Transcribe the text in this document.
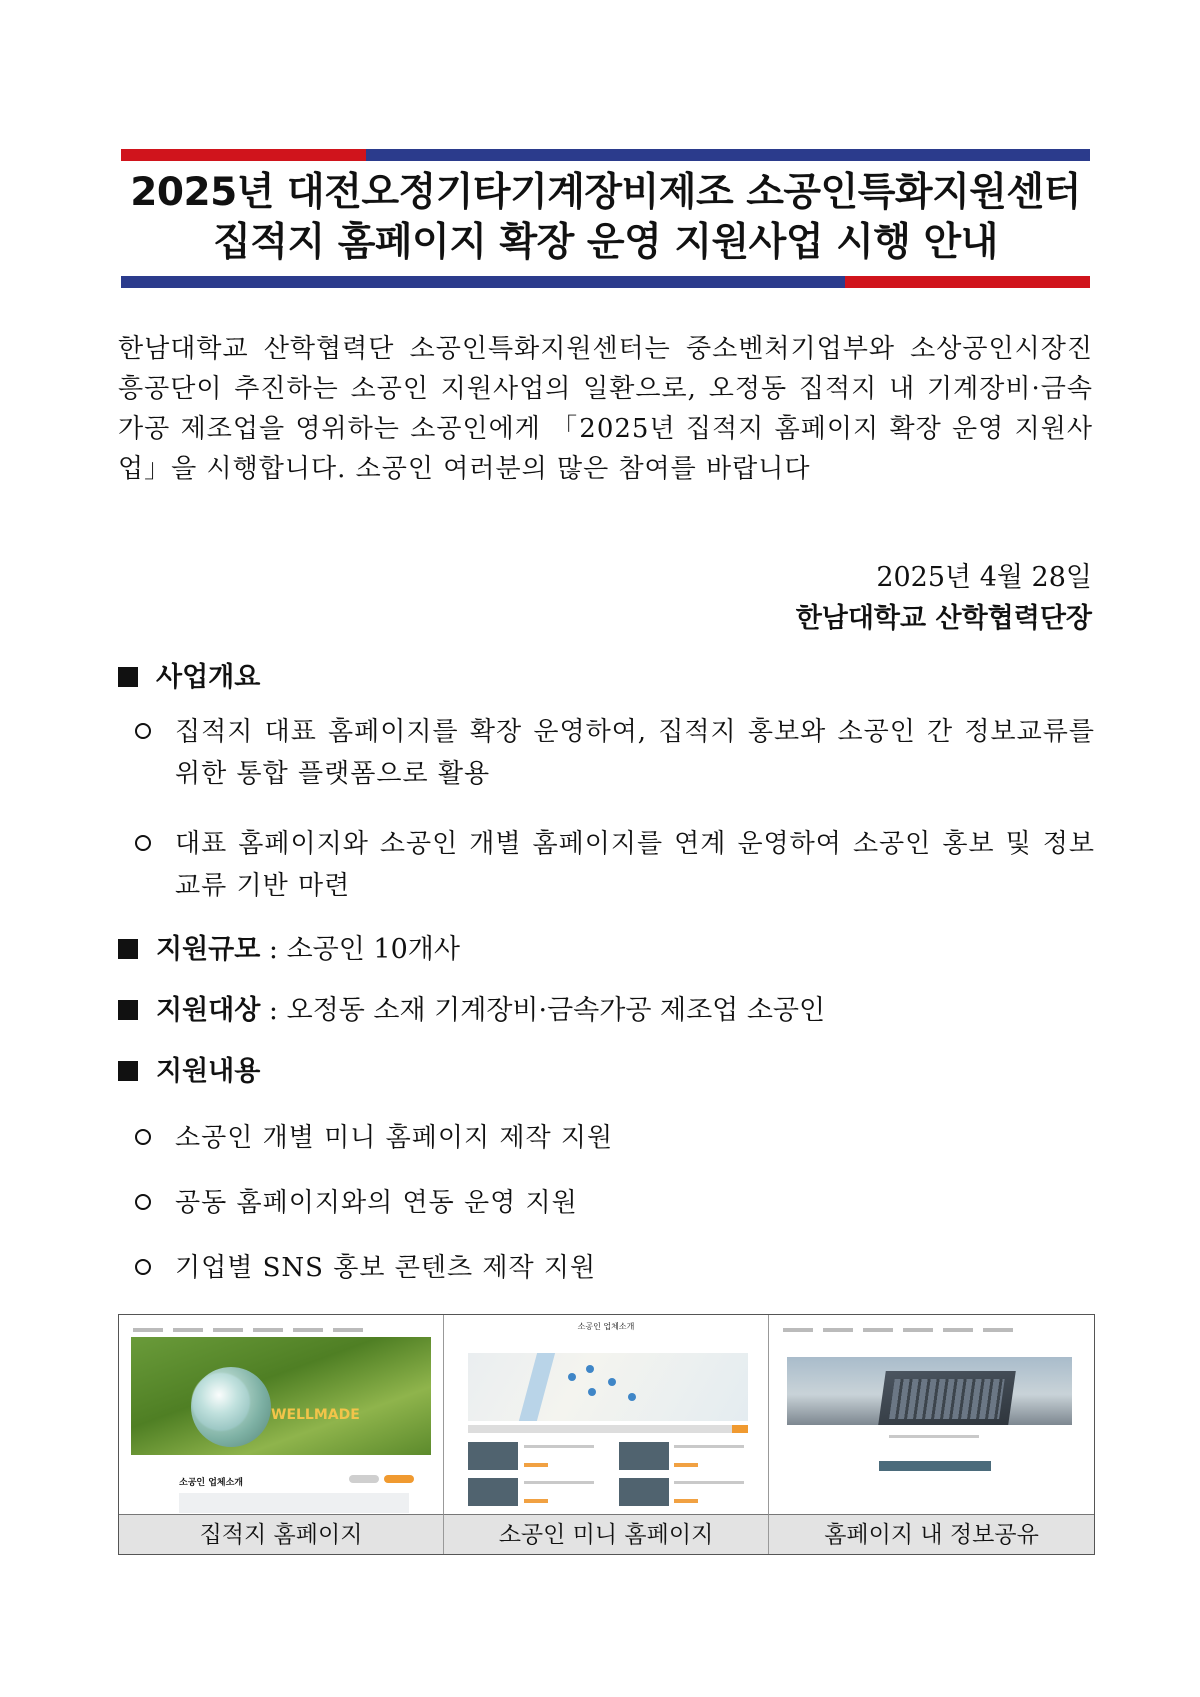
2025년 대전오정기타기계장비제조 소공인특화지원센터
집적지 홈페이지 확장 운영 지원사업 시행 안내
한남대학교 산학협력단 소공인특화지원센터는 중소벤처기업부와 소상공인시장진흥공단이 추진하는 소공인 지원사업의 일환으로, 오정동 집적지 내 기계장비·금속가공 제조업을 영위하는 소공인에게 「2025년 집적지 홈페이지 확장 운영 지원사업」을 시행합니다. 소공인 여러분의 많은 참여를 바랍니다
2025년 4월 28일
한남대학교 산학협력단장
사업개요
집적지 대표 홈페이지를 확장 운영하여, 집적지 홍보와 소공인 간 정보교류를 위한 통합 플랫폼으로 활용
대표 홈페이지와 소공인 개별 홈페이지를 연계 운영하여 소공인 홍보 및 정보교류 기반 마련
지원규모 : 소공인 10개사
지원대상 : 오정동 소재 기계장비·금속가공 제조업 소공인
지원내용
소공인 개별 미니 홈페이지 제작 지원
공동 홈페이지와의 연동 운영 지원
기업별 SNS 홍보 콘텐츠 제작 지원
WELLMADE
소공인 업체소개
소공인 업체소개
집적지 홈페이지	소공인 미니 홈페이지	홈페이지 내 정보공유
